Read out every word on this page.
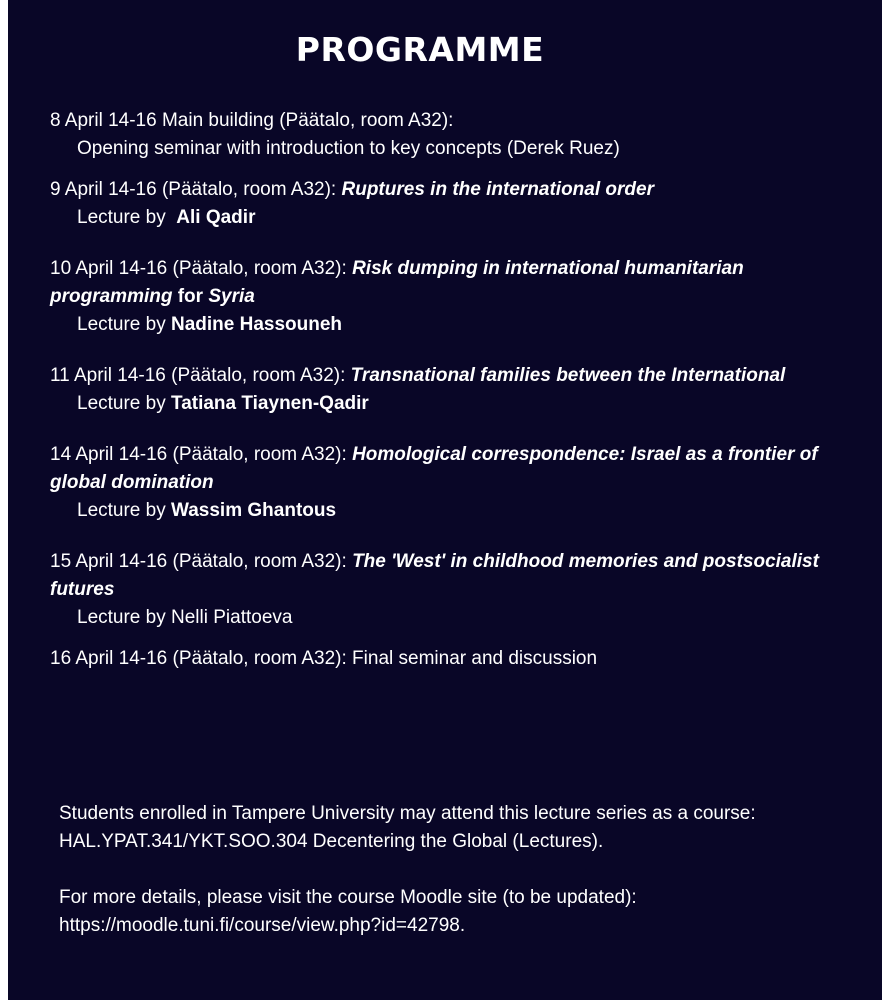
PROGRAMME
8 April 14-16 Main building (Päätalo, room A32):
Opening seminar with introduction to key concepts (Derek Ruez)
9 April 14-16 (Päätalo, room A32): Ruptures in the international order
Lecture by  Ali Qadir
10 April 14-16 (Päätalo, room A32): Risk dumping in international humanitarian programming for Syria
Lecture by Nadine Hassouneh
11 April 14-16 (Päätalo, room A32): Transnational families between the International
Lecture by Tatiana Tiaynen-Qadir
14 April 14-16 (Päätalo, room A32): Homological correspondence: Israel as a frontier of global domination
Lecture by Wassim Ghantous
15 April 14-16 (Päätalo, room A32): The 'West' in childhood memories and postsocialist futures
Lecture by Nelli Piattoeva
16 April 14-16 (Päätalo, room A32): Final seminar and discussion
Students enrolled in Tampere University may attend this lecture series as a course: HAL.YPAT.341/YKT.SOO.304 Decentering the Global (Lectures).
For more details, please visit the course Moodle site (to be updated): https://moodle.tuni.fi/course/view.php?id=42798.
